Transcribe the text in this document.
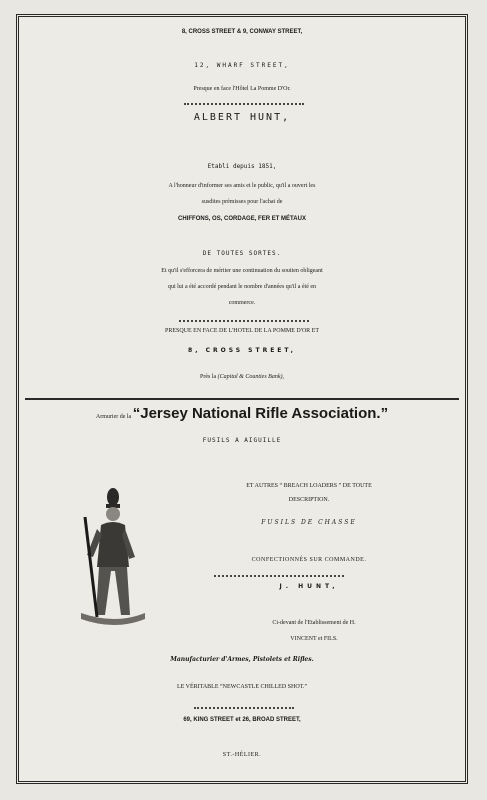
8, CROSS STREET & 9, CONWAY STREET,
12, WHARF STREET,
Presque en face l'Hôtel La Pomme D'Or.
ALBERT HUNT,
Etabli depuis 1851,
A l'honneur d'informer ses amis et le public, qu'il a ouvert les
susdites prémisses pour l'achat de
CHIFFONS, OS, CORDAGE, FER ET MÉTAUX
DE TOUTES SORTES.
Et qu'il s'efforcera de mériter une continuation du soutien obligeant
qui lui a été accordé pendant le nombre d'années qu'il a été en
commerce.
PRESQUE EN FACE DE L'HOTEL DE LA POMME D'OR ET
8, CROSS STREET,
Près la (Capital & Counties Bank),
Armurier de la “Jersey National Rifle Association.”
FUSILS A AIGUILLE
ET AUTRES “ BREACH LOADERS ” DE TOUTE
DESCRIPTION.
FUSILS DE CHASSE
CONFECTIONNÉS SUR COMMANDE.
J. HUNT,
Ci-devant de l'Etablissement de H.
VINCENT et FILS.
Manufacturier d'Armes, Pistolets et Rifles.
LE VÉRITABLE “NEWCASTLE CHILLED SHOT.”
69, KING STREET et 26, BROAD STREET,
ST.-HÉLIER.
